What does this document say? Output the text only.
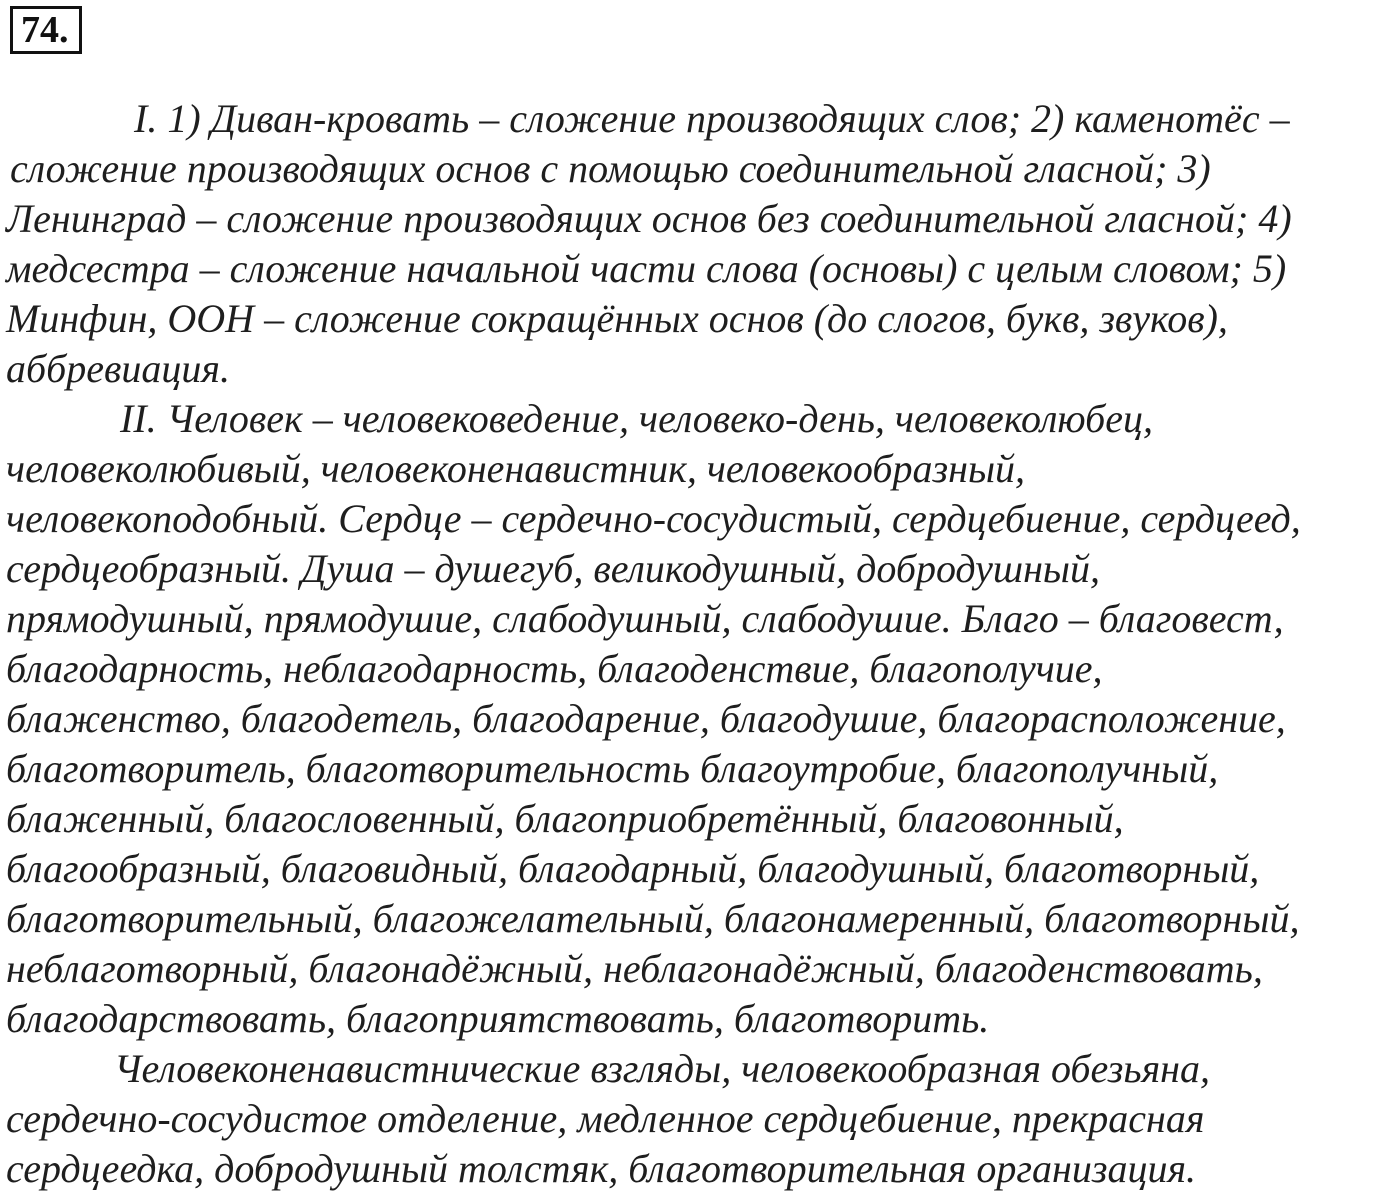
74.
I. 1) Диван-кровать – сложение производящих слов; 2) каменотёс –
сложение производящих основ с помощью соединительной гласной; 3)
Ленинград – сложение производящих основ без соединительной гласной; 4)
медсестра – сложение начальной части слова (основы) с целым словом; 5)
Минфин, ООН – сложение сокращённых основ (до слогов, букв, звуков),
аббревиация.
II. Человек – человековедение, человеко-день, человеколюбец,
человеколюбивый, человеконенавистник, человекообразный,
человекоподобный. Сердце – сердечно-сосудистый, сердцебиение, сердцеед,
сердцеобразный. Душа – душегуб, великодушный, добродушный,
прямодушный, прямодушие, слабодушный, слабодушие. Благо – благовест,
благодарность, неблагодарность, благоденствие, благополучие,
блаженство, благодетель, благодарение, благодушие, благорасположение,
благотворитель, благотворительность благоутробие, благополучный,
блаженный, благословенный, благоприобретённый, благовонный,
благообразный, благовидный, благодарный, благодушный, благотворный,
благотворительный, благожелательный, благонамеренный, благотворный,
неблаготворный, благонадёжный, неблагонадёжный, благоденствовать,
благодарствовать, благоприятствовать, благотворить.
Человеконенавистнические взгляды, человекообразная обезьяна,
сердечно-сосудистое отделение, медленное сердцебиение, прекрасная
сердцеедка, добродушный толстяк, благотворительная организация.
